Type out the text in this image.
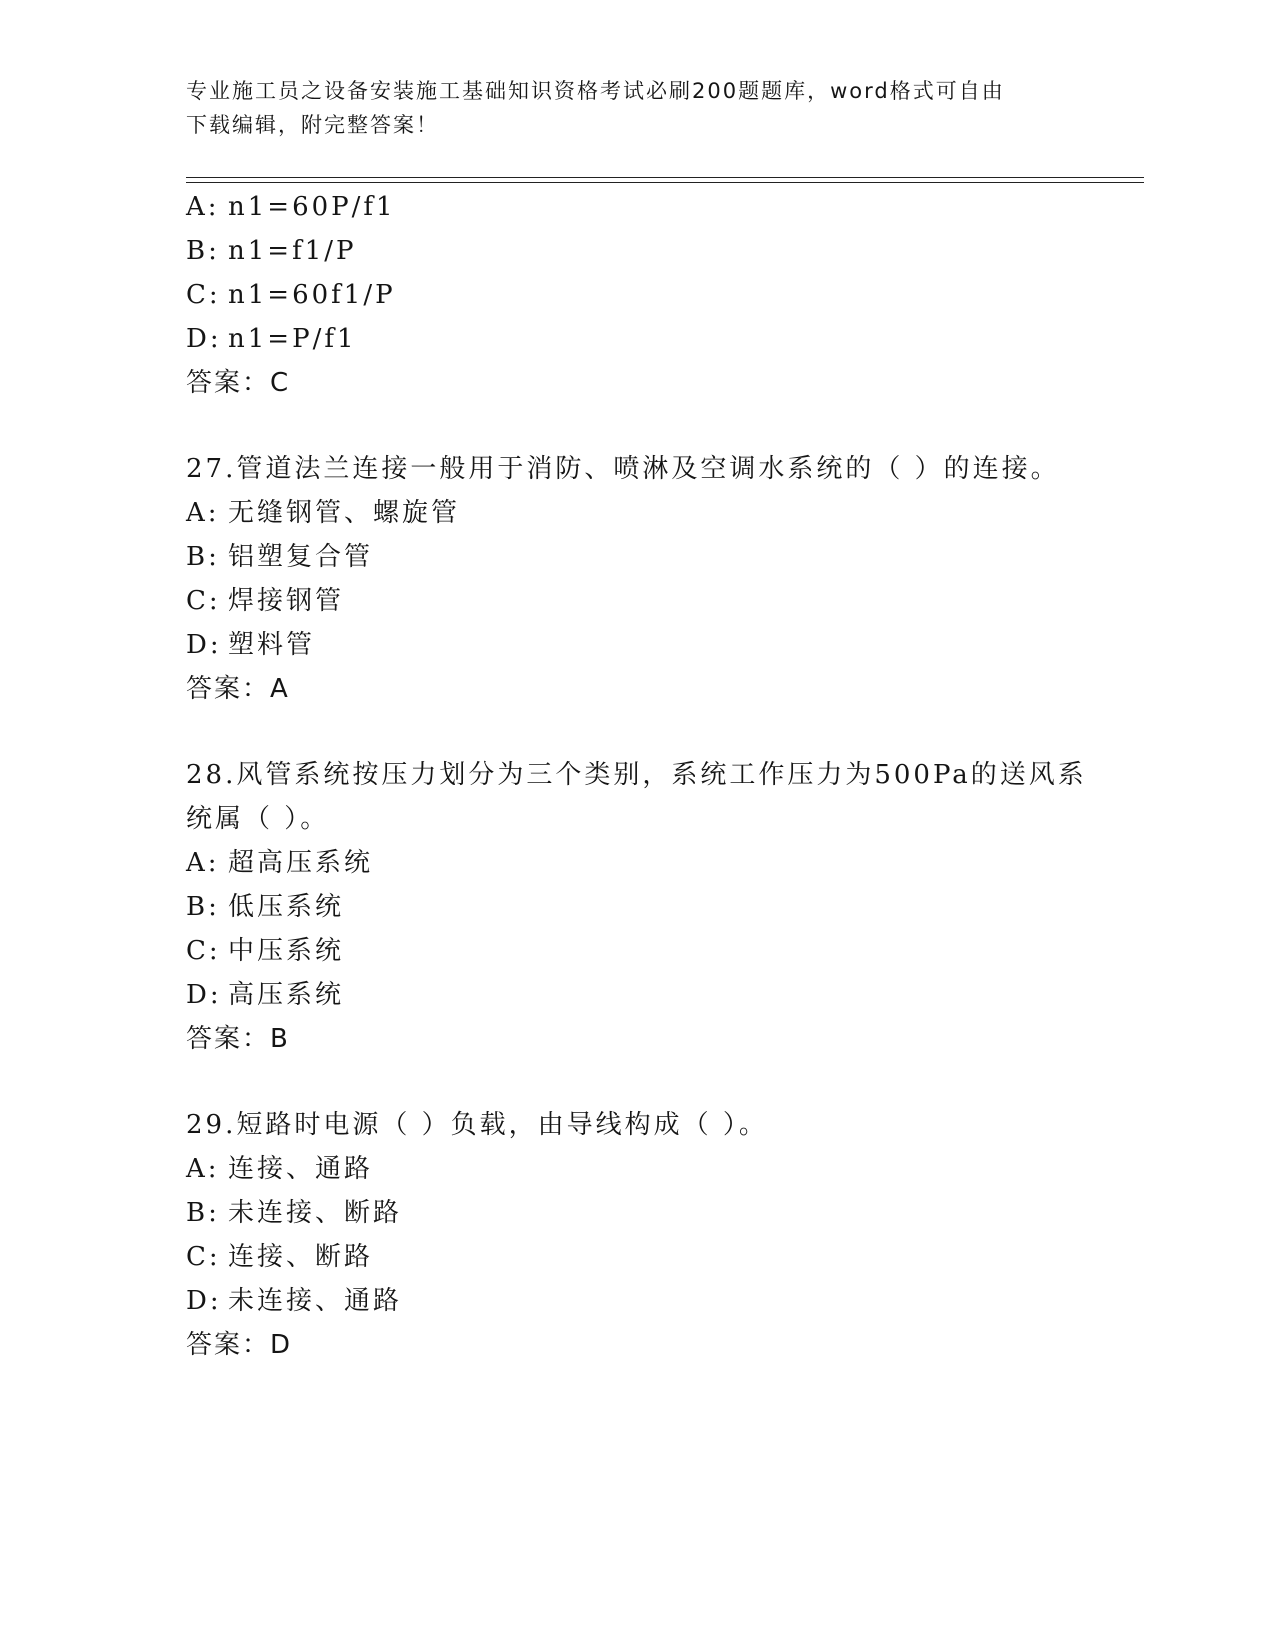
专业施工员之设备安装施工基础知识资格考试必刷200题题库，word格式可自由
下载编辑，附完整答案！
A: n1=60P/f1
B: n1=f1/P
C: n1=60f1/P
D: n1=P/f1
答案：C
27.管道法兰连接一般用于消防、喷淋及空调水系统的（ ）的连接。
A: 无缝钢管、螺旋管
B: 铝塑复合管
C: 焊接钢管
D: 塑料管
答案：A
28.风管系统按压力划分为三个类别，系统工作压力为500Pa的送风系
统属（ ）。
A: 超高压系统
B: 低压系统
C: 中压系统
D: 高压系统
答案：B
29.短路时电源（ ）负载，由导线构成（ ）。
A: 连接、通路
B: 未连接、断路
C: 连接、断路
D: 未连接、通路
答案：D
